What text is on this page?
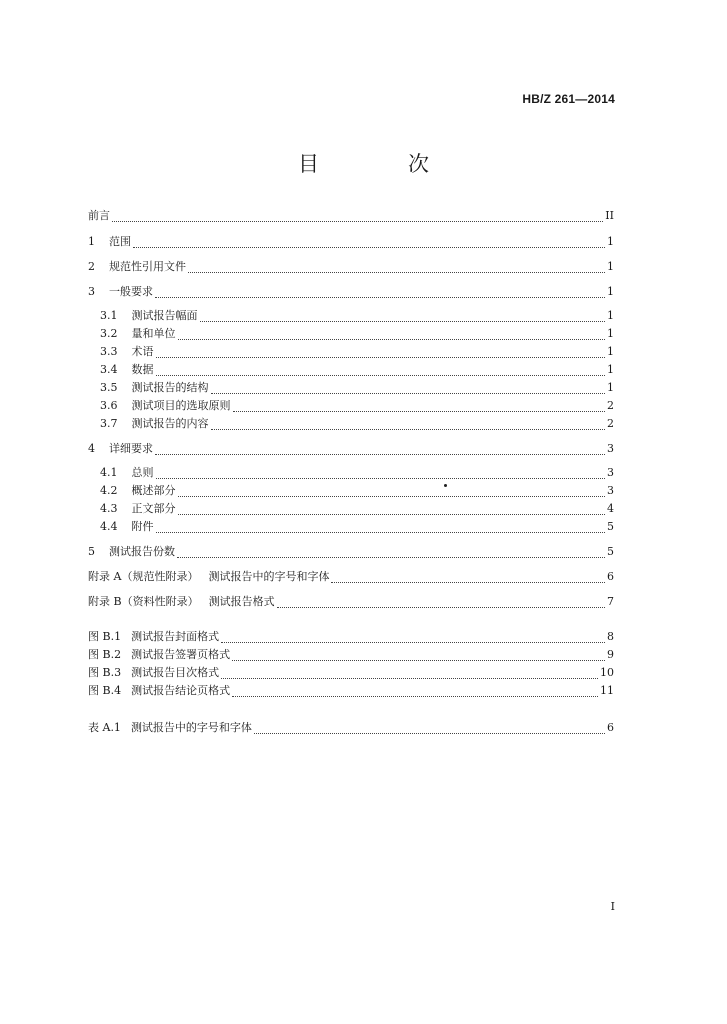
HB/Z 261—2014
目　次
前言	II
1 范围	1
2 规范性引用文件	1
3 一般要求	1
3.1 测试报告幅面	1
3.2 量和单位	1
3.3 术语	1
3.4 数据	1
3.5 测试报告的结构	1
3.6 测试项目的选取原则	2
3.7 测试报告的内容	2
4 详细要求	3
4.1 总则	3
4.2 概述部分	3
4.3 正文部分	4
4.4 附件	5
5 测试报告份数	5
附录 A（规范性附录） 测试报告中的字号和字体	6
附录 B（资料性附录） 测试报告格式	7
图 B.1 测试报告封面格式	8
图 B.2 测试报告签署页格式	9
图 B.3 测试报告目次格式	10
图 B.4 测试报告结论页格式	11
表 A.1 测试报告中的字号和字体	6
I
